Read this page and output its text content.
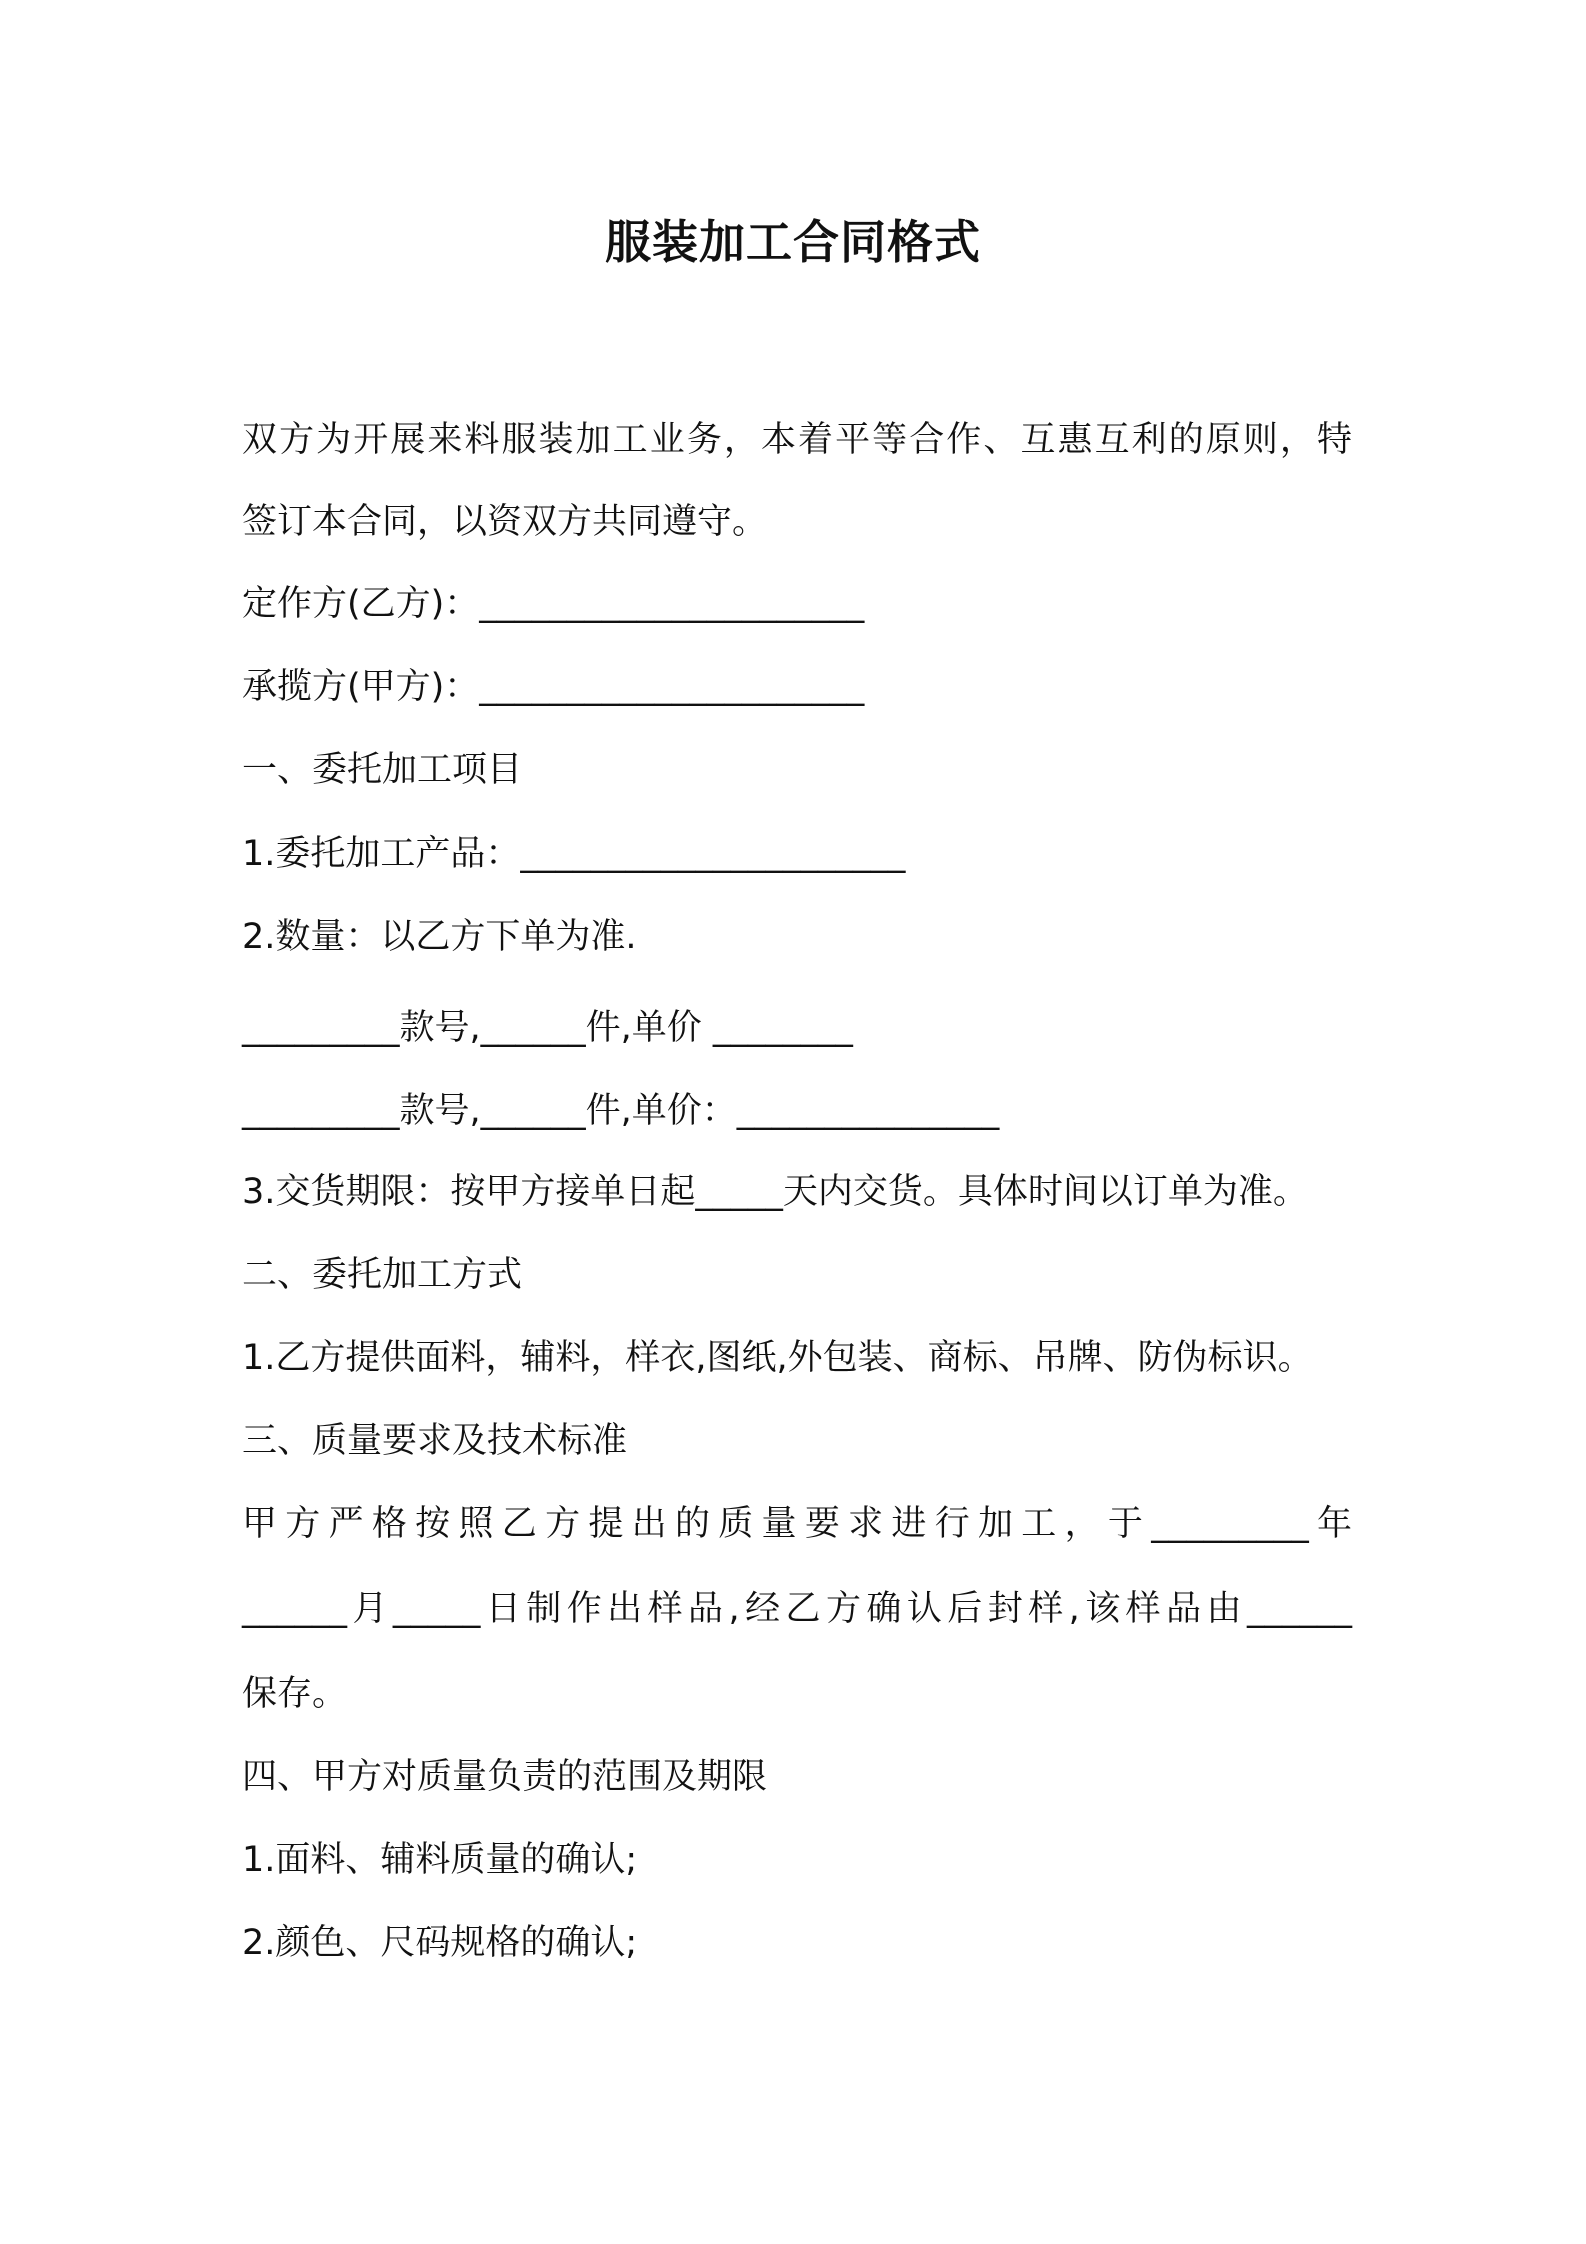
服装加工合同格式
双方为开展来料服装加工业务，本着平等合作、互惠互利的原则，特
签订本合同，以资双方共同遵守。
定作方(乙方)：______________________
承揽方(甲方)：______________________
一、委托加工项目
1.委托加工产品：______________________
2.数量：以乙方下单为准.
_________款号,______件,单价 ________
_________款号,______件,单价：_______________
3.交货期限：按甲方接单日起_____天内交货。具体时间以订单为准。
二、委托加工方式
1.乙方提供面料，辅料，样衣,图纸,外包装、商标、吊牌、防伪标识。
三、质量要求及技术标准
甲方严格按照乙方提出的质量要求进行加工，于_________年
______月_____日制作出样品,经乙方确认后封样,该样品由______
保存。
四、甲方对质量负责的范围及期限
1.面料、辅料质量的确认;
2.颜色、尺码规格的确认;
